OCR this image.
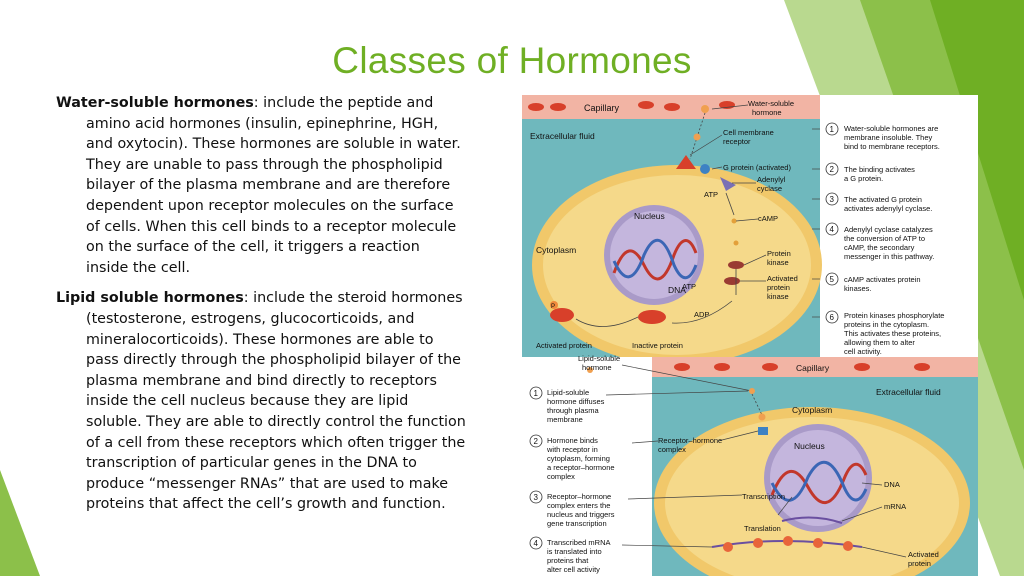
Classes of Hormones

Water-soluble hormones: include the peptide and amino acid hormones (insulin, epinephrine, HGH, and oxytocin). These hormones are soluble in water. They are unable to pass through the phospholipid bilayer of the plasma membrane and are therefore dependent upon receptor molecules on the surface of cells. When this cell binds to a receptor molecule on the surface of the cell, it triggers a reaction inside the cell.

Lipid soluble hormones: include the steroid hormones (testosterone, estrogens, glucocorticoids, and mineralocorticoids). These hormones are able to pass directly through the phospholipid bilayer of the plasma membrane and bind directly to receptors inside the cell nucleus because they are lipid soluble. They are able to directly control the function of a cell from these receptors which often trigger the transcription of particular genes in the DNA to produce “messenger RNAs” that are used to make proteins that affect the cell’s growth and function.

Capillary
Extracellular fluid
Cytoplasm
Nucleus
DNA
ATP
ATP
ADP
P
Activated protein	Inactive protein
Water-soluble
hormone
Cell membrane
receptor
G protein (activated)
Adenylyl
cyclase
cAMP
Protein
kinase
Activated
protein
kinase
1 Water-soluble hormones are
membrane insoluble. They
bind to membrane receptors.
2 The binding activates
a G protein.
3 The activated G protein
activates adenylyl cyclase.
4 Adenylyl cyclase catalyzes
the conversion of ATP to
cAMP, the secondary
messenger in this pathway.
5 cAMP activates protein
kinases.
6 Protein kinases phosphorylate
proteins in the cytoplasm.
This activates these proteins,
allowing them to alter
cell activity.
Capillary
Extracellular fluid
Cytoplasm
Nucleus
Lipid-soluble
hormone
Receptor–hormone
complex
DNA
Transcription
mRNA
Translation
Activated
protein
1 Lipid-soluble
hormone diffuses
through plasma
membrane
2 Hormone binds
with receptor in
cytoplasm, forming
a receptor–hormone
complex
3 Receptor–hormone
complex enters the
nucleus and triggers
gene transcription
4 Transcribed mRNA
is translated into
proteins that
alter cell activity
